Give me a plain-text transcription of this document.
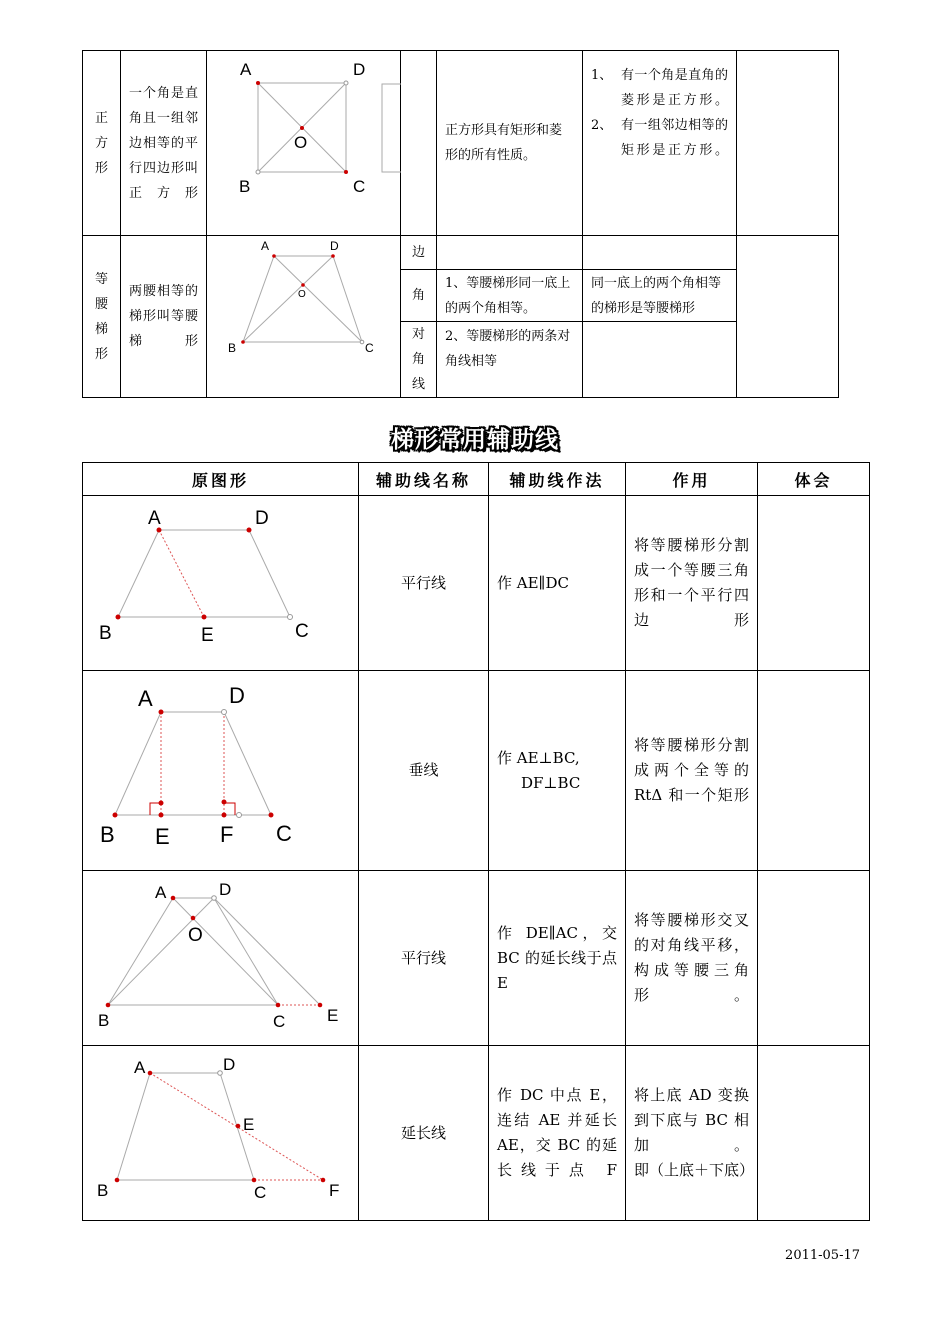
正方形	一个角是直角且一组邻边相等的平行四边形叫正方形			正方形具有矩形和菱形的所有性质。	1、 有一个角是直角的菱形是正方形。
2、 有一组邻边相等的矩形是正方形。	

等腰梯形	两腰相等的梯形叫等腰梯形		边			
			角	1、等腰梯形同一底上的两个角相等。	同一底上的两个角相等的梯形是等腰梯形	

			对角线	2、等腰梯形的两条对角线相等		
A	D
O
B	C
A	D
O
B	C
梯形常用辅助线
原图形	辅助线名称	辅助线作法	作用	体会
	平行线	作 AE∥DC	将等腰梯形分割成一个等腰三角形和一个平行四边形	

	垂线	作 AE⊥BC,
DF⊥BC	将等腰梯形分割成两个全等的 RtΔ 和一个矩形	

	平行线	作 DE∥AC，交 BC 的延长线于点 E	将等腰梯形交叉的对角线平移，构成等腰三角形。	

	延长线	作 DC 中点 E，连结 AE 并延长 AE，交 BC 的延长线于点 F	将上底 AD 变换到下底与 BC 相加。
即（上底＋下底）	

A	D
B	E	C
A	D
B E F C
A	D
O
B	C E
A	D
E
B	C	F
2011-05-17
